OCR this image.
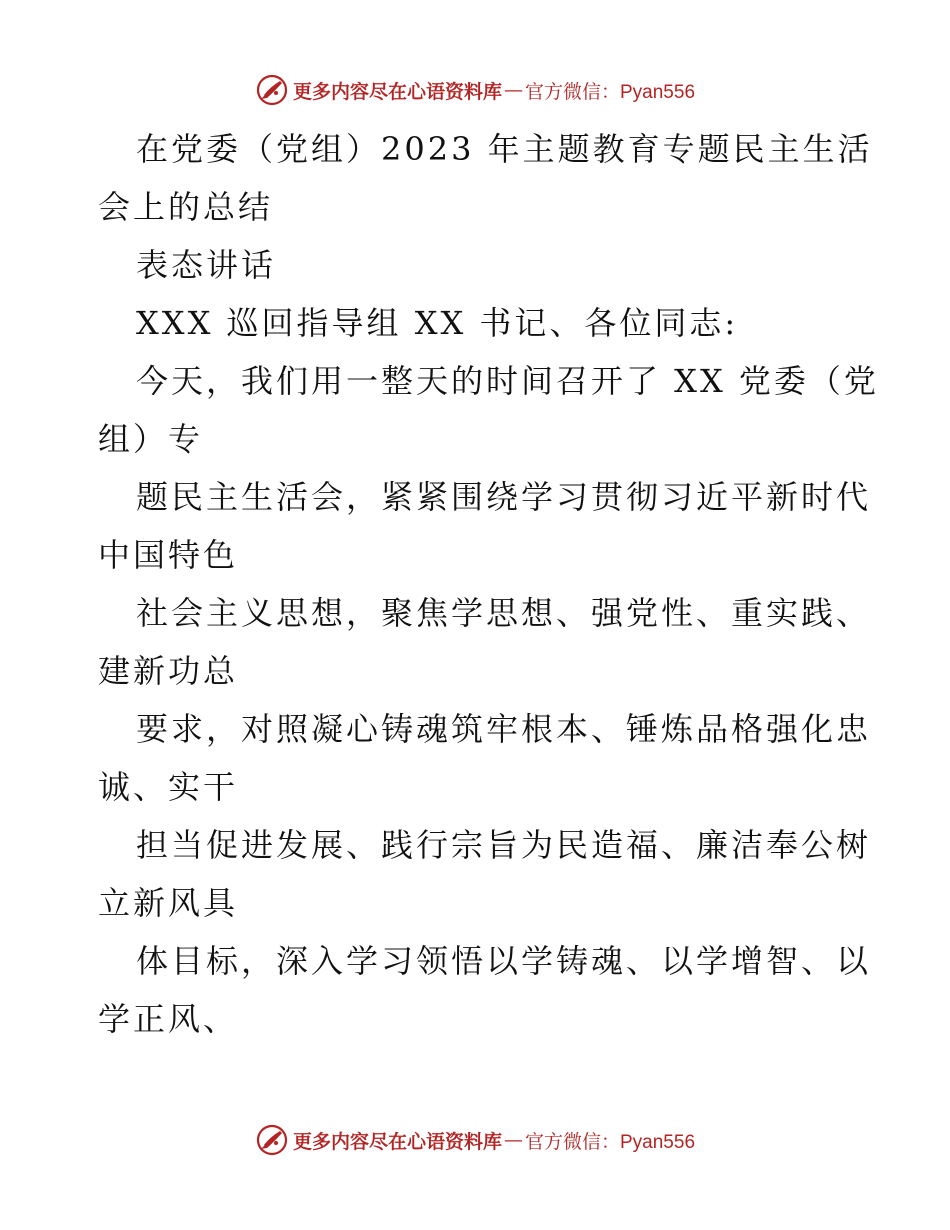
更多内容尽在心语资料库 — 官方微信：Pyan556
在党委（党组）2023 年主题教育专题民主生活
会上的总结
表态讲话
XXX 巡回指导组 XX 书记、各位同志:
今天，我们用一整天的时间召开了 XX 党委（党
组）专
题民主生活会，紧紧围绕学习贯彻习近平新时代
中国特色
社会主义思想，聚焦学思想、强党性、重实践、
建新功总
要求，对照凝心铸魂筑牢根本、锤炼品格强化忠
诚、实干
担当促进发展、践行宗旨为民造福、廉洁奉公树
立新风具
体目标，深入学习领悟以学铸魂、以学增智、以
学正风、
更多内容尽在心语资料库 — 官方微信：Pyan556
